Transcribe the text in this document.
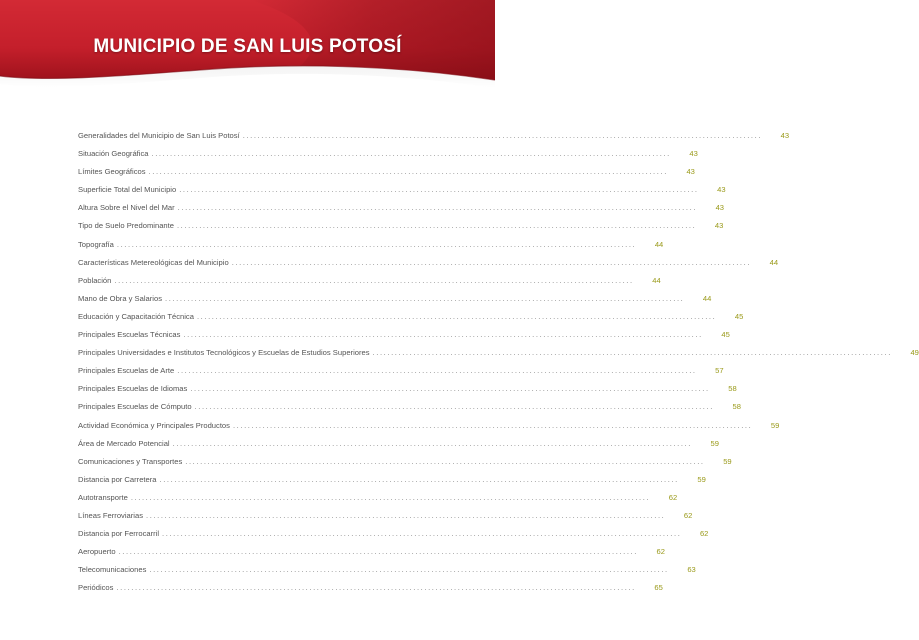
MUNICIPIO DE SAN LUIS POTOSÍ
Generalidades del Municipio de San Luis Potosí ............................................................................................................................................	43
Situación Geográfica ............................................................................................................................................	43
Límites Geográficos ............................................................................................................................................	43
Superficie Total del Municipio ............................................................................................................................................	43
Altura Sobre el Nivel del Mar ............................................................................................................................................	43
Tipo de Suelo Predominante ............................................................................................................................................	43
Topografía ............................................................................................................................................	44
Características Metereológicas del Municipio ............................................................................................................................................	44
Población ............................................................................................................................................	44
Mano de Obra y Salarios ............................................................................................................................................	44
Educación y Capacitación Técnica ............................................................................................................................................	45
Principales Escuelas Técnicas ............................................................................................................................................	45
Principales Universidades e Institutos Tecnológicos y Escuelas de Estudios Superiores ............................................................................................................................................	49
Principales Escuelas de Arte ............................................................................................................................................	57
Principales Escuelas de Idiomas ............................................................................................................................................	58
Principales Escuelas de Cómputo ............................................................................................................................................	58
Actividad Económica y Principales Productos ............................................................................................................................................	59
Área de Mercado Potencial ............................................................................................................................................	59
Comunicaciones y Transportes ............................................................................................................................................	59
Distancia por Carretera ............................................................................................................................................	59
Autotransporte ............................................................................................................................................	62
Líneas Ferroviarias ............................................................................................................................................	62
Distancia por Ferrocarril ............................................................................................................................................	62
Aeropuerto ............................................................................................................................................	62
Telecomunicaciones ............................................................................................................................................	63
Periódicos ............................................................................................................................................	65
